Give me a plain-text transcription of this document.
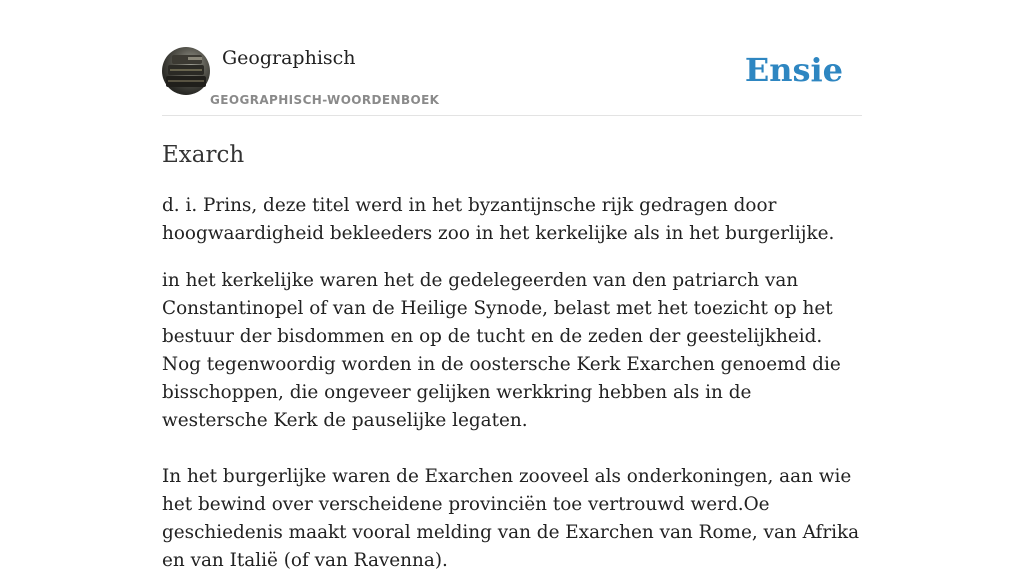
Geographisch
GEOGRAPHISCH-WOORDENBOEK
Ensie
Exarch

d. i. Prins, deze titel werd in het byzantijnsche rijk gedragen door hoogwaardigheid bekleeders zoo in het kerkelijke als in het burgerlijke.

in het kerkelijke waren het de gedelegeerden van den patriarch van Constantinopel of van de Heilige Synode, belast met het toezicht op het bestuur der bisdommen en op de tucht en de zeden der geestelijkheid. Nog tegenwoordig worden in de oostersche Kerk Exarchen genoemd die bisschoppen, die ongeveer gelijken werkkring hebben als in de westersche Kerk de pauselijke legaten.

In het burgerlijke waren de Exarchen zooveel als onderkoningen, aan wie het bewind over verscheidene provinciën toe vertrouwd werd.Oe geschiedenis maakt vooral melding van de Exarchen van Rome, van Afrika en van Italië (of van Ravenna).
